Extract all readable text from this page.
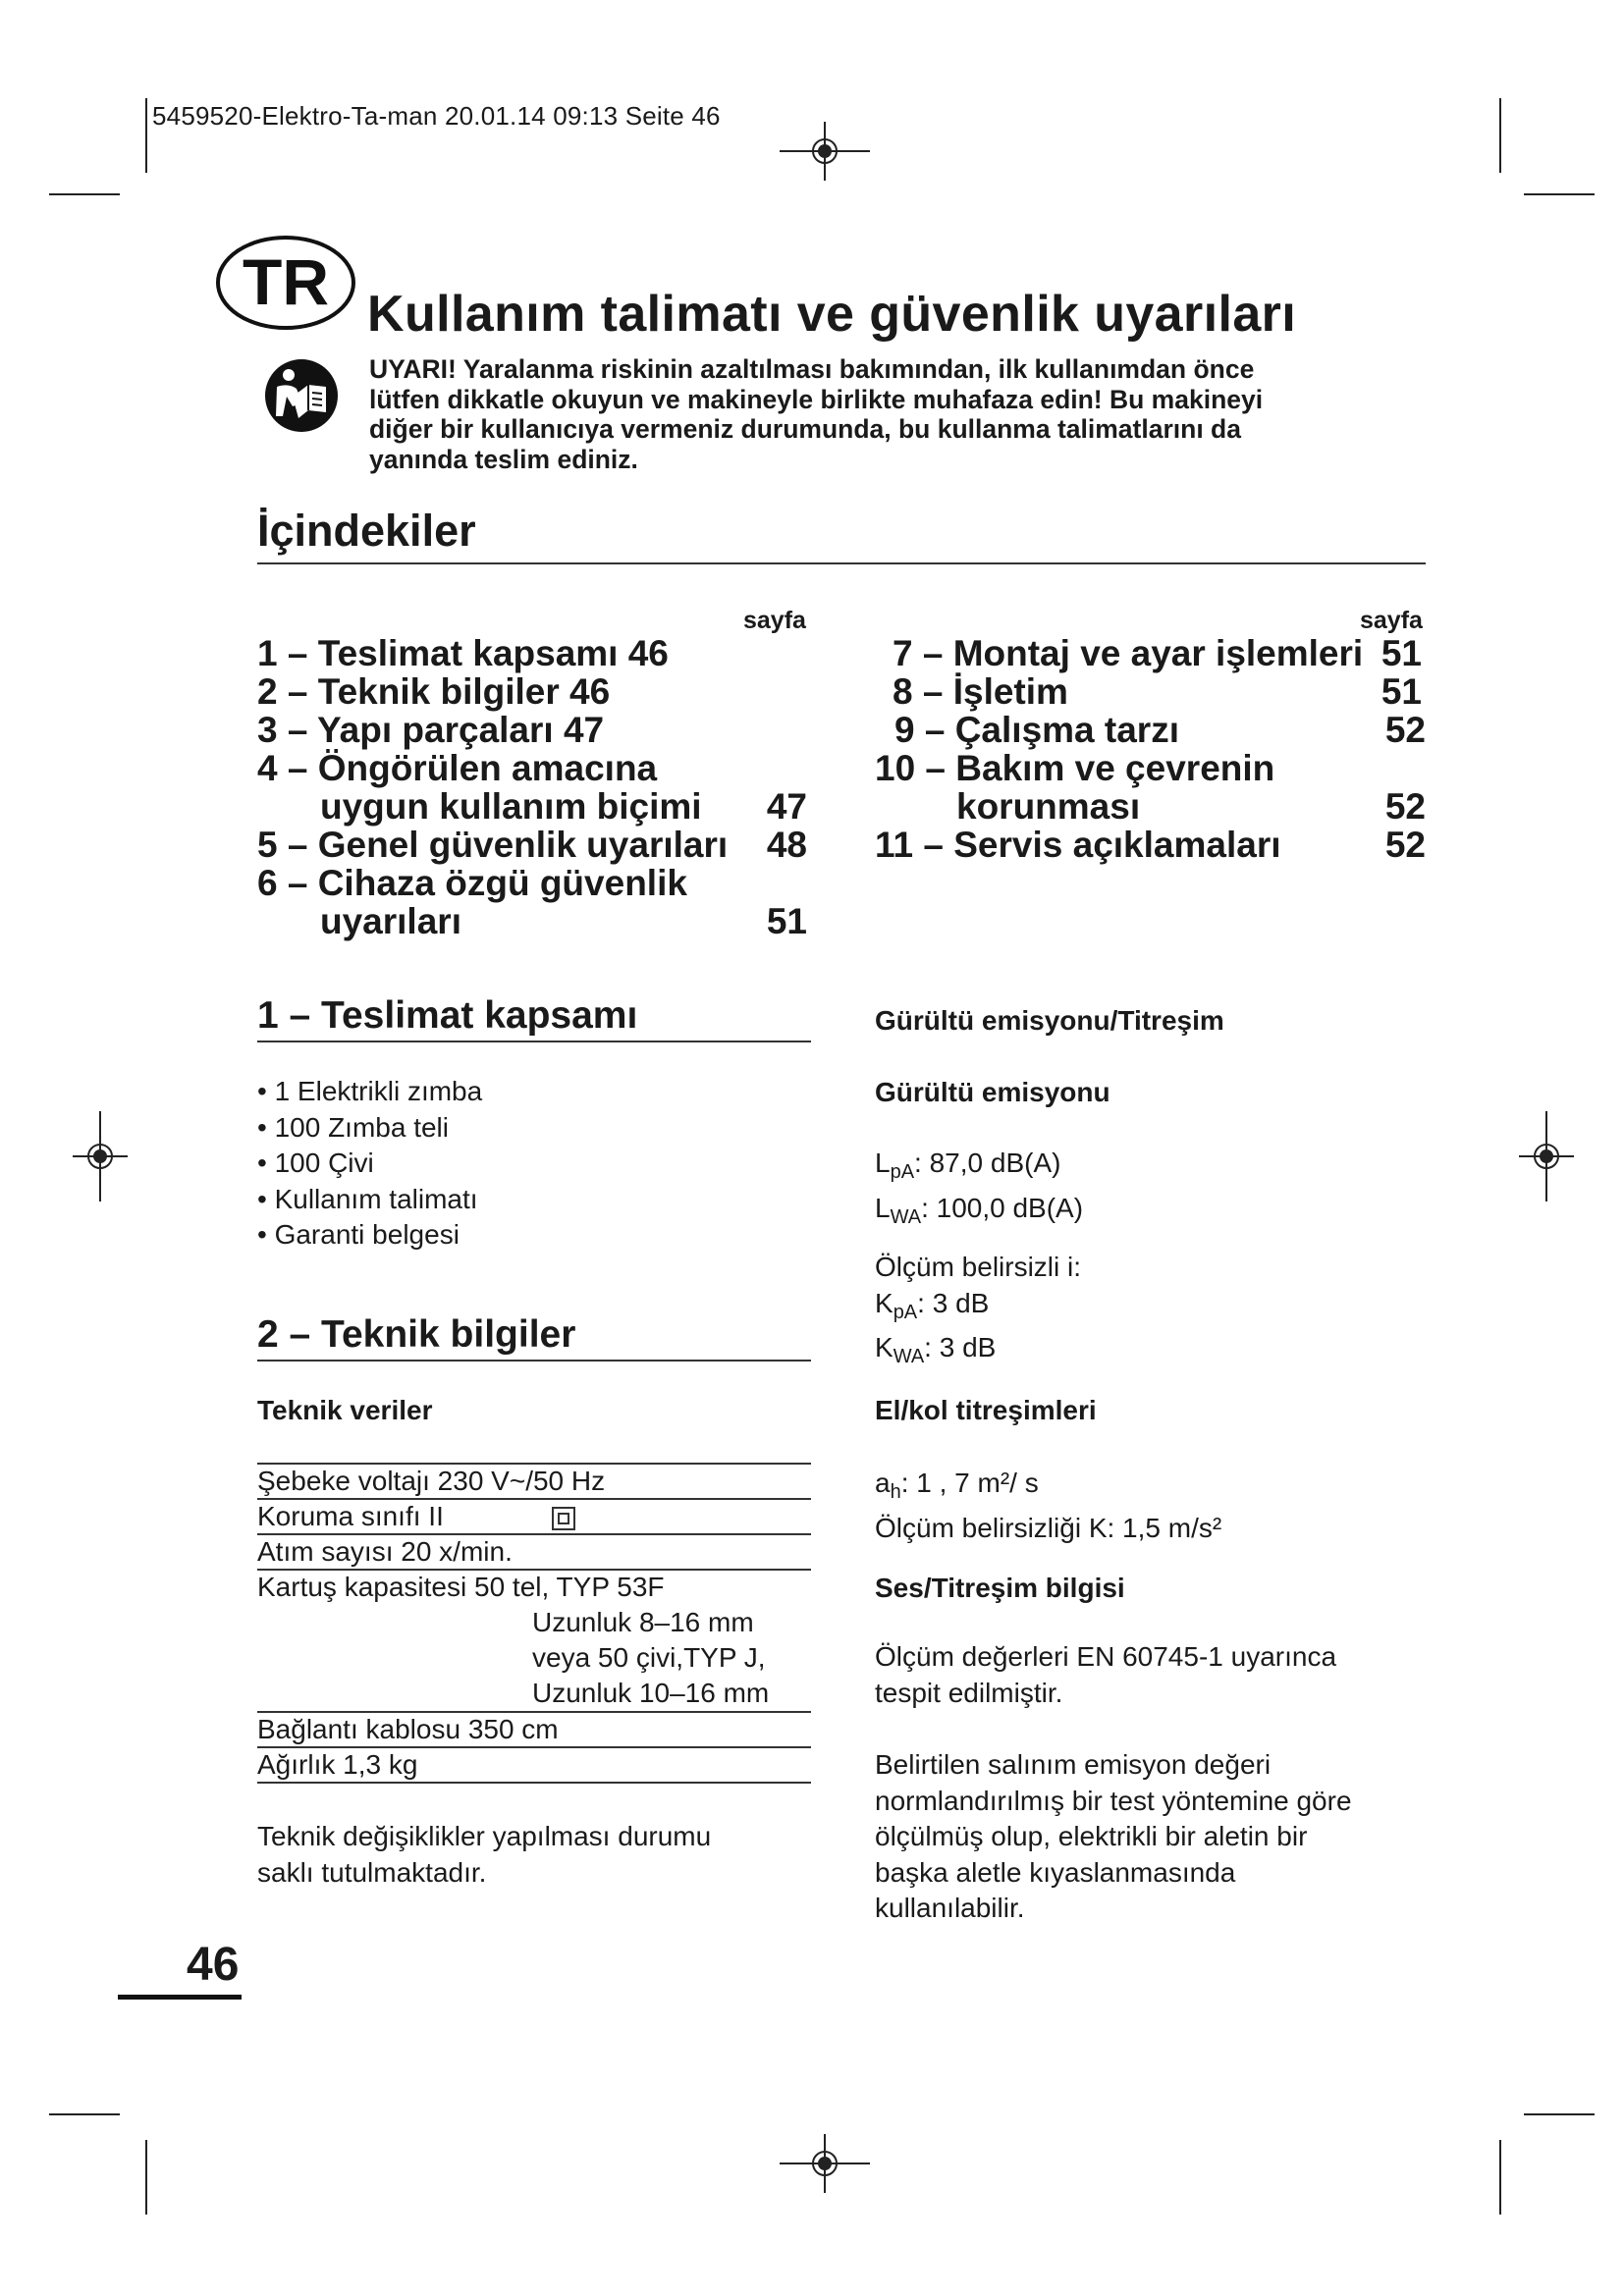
5459520-Elektro-Ta-man 20.01.14 09:13 Seite 46
TR Kullanım talimatı ve güvenlik uyarıları
UYARI! Yaralanma riskinin azaltılması bakımından, ilk kullanımdan önce
lütfen dikkatle okuyun ve makineyle birlikte muhafaza edin! Bu makineyi
diğer bir kullanıcıya vermeniz durumunda, bu kullanma talimatlarını da
yanında teslim ediniz.
İçindekiler
sayfa	sayfa
1 – Teslimat kapsamı 46
2 – Teknik bilgiler 46
3 – Yapı parçaları 47
4 – Öngörülen amacına
uygun kullanım biçimi	47
5 – Genel güvenlik uyarıları	48
6 – Cihaza özgü güvenlik
uyarıları	51
7 – Montaj ve ayar işlemleri 51
8 – İşletim	51
9 – Çalışma tarzı	52
10 – Bakım ve çevrenin
korunması	52
11 – Servis açıklamaları	52
1 – Teslimat kapsamı
• 1 Elektrikli zımba
• 100 Zımba teli
• 100 Çivi
• Kullanım talimatı
• Garanti belgesi
2 – Teknik bilgiler
Teknik veriler
Şebeke voltajı 230 V~/50 Hz
Koruma sınıfı II
Atım sayısı 20 x/min.
Kartuş kapasitesi 50 tel, TYP 53F
Uzunluk 8–16 mm
veya 50 çivi,TYP J,
Uzunluk 10–16 mm
Bağlantı kablosu 350 cm
Ağırlık 1,3 kg
Teknik değişiklikler yapılması durumu
saklı tutulmaktadır.
Gürültü emisyonu/Titreşim
Gürültü emisyonu
$L_{pA}$: 87,0 dB(A)
$L_{WA}$: 100,0 dB(A)
Ölçüm belirsizli i:
$K_{pA}$: 3 dB
$K_{WA}$: 3 dB
El/kol titreşimleri
$a_h$: 1 , 7 m²/ s
Ölçüm belirsizliği K: 1,5 m/s²
Ses/Titreşim bilgisi
Ölçüm değerleri EN 60745-1 uyarınca
tespit edilmiştir.
Belirtilen salınım emisyon değeri
normlandırılmış bir test yöntemine göre
ölçülmüş olup, elektrikli bir aletin bir
başka aletle kıyaslanmasında
kullanılabilir.
46
